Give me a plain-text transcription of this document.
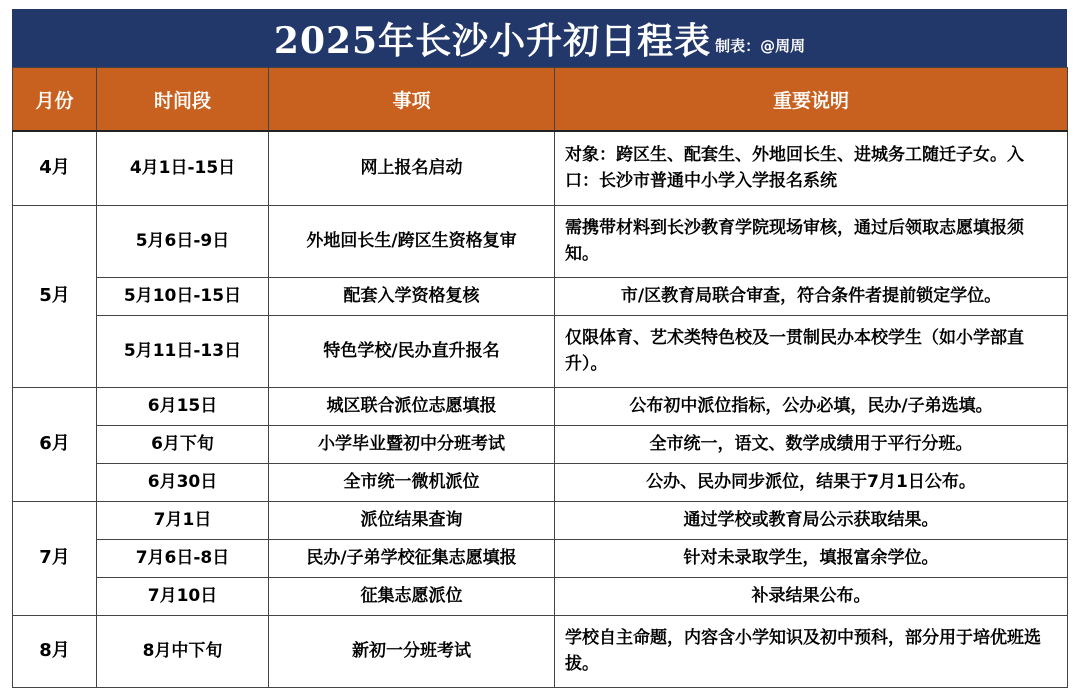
2025年长沙小升初日程表 制表：@周周
月份	时间段	事项	重要说明
4月	4月1日-15日	网上报名启动	对象：跨区生、配套生、外地回长生、进城务工随迁子女。入口：长沙市普通中小学入学报名系统
5月	5月6日-9日	外地回长生/跨区生资格复审	需携带材料到长沙教育学院现场审核，通过后领取志愿填报须知。
	5月10日-15日	配套入学资格复核	市/区教育局联合审查，符合条件者提前锁定学位。
	5月11日-13日	特色学校/民办直升报名	仅限体育、艺术类特色校及一贯制民办本校学生（如小学部直升）。
6月	6月15日	城区联合派位志愿填报	公布初中派位指标，公办必填，民办/子弟选填。
	6月下旬	小学毕业暨初中分班考试	全市统一，语文、数学成绩用于平行分班。
	6月30日	全市统一微机派位	公办、民办同步派位，结果于7月1日公布。
7月	7月1日	派位结果查询	通过学校或教育局公示获取结果。
	7月6日-8日	民办/子弟学校征集志愿填报	针对未录取学生，填报富余学位。
	7月10日	征集志愿派位	补录结果公布。
8月	8月中下旬	新初一分班考试	学校自主命题，内容含小学知识及初中预科，部分用于培优班选拔。
